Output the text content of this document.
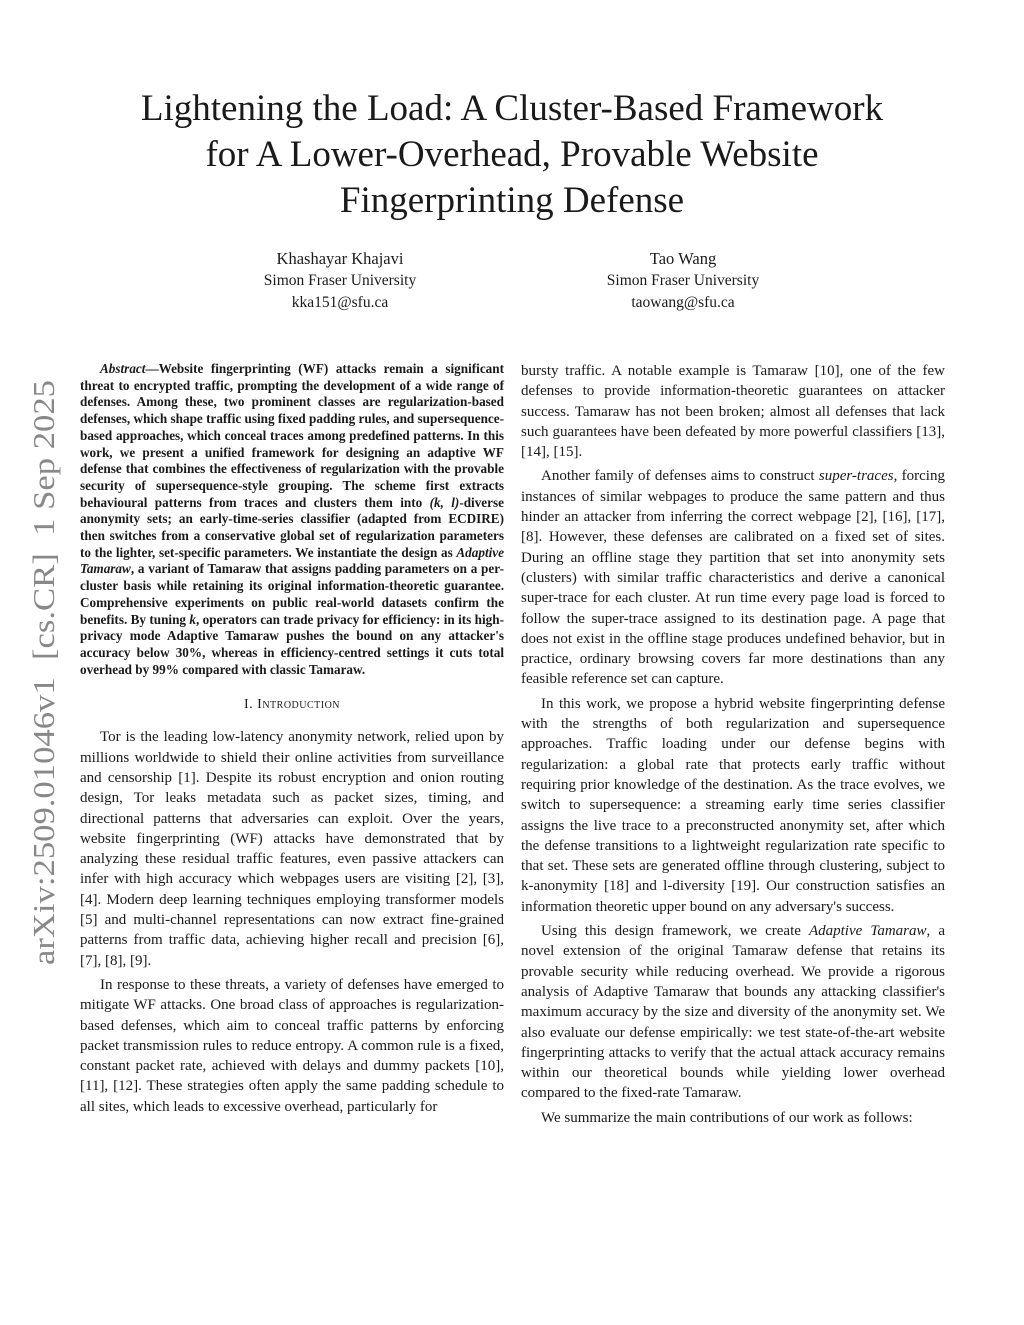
arXiv:2509.01046v1  [cs.CR]  1 Sep 2025
Lightening the Load: A Cluster-Based Framework
for A Lower-Overhead, Provable Website
Fingerprinting Defense
Khashayar Khajavi
Simon Fraser University
kka151@sfu.ca
Tao Wang
Simon Fraser University
taowang@sfu.ca

Abstract—Website fingerprinting (WF) attacks remain a significant threat to encrypted traffic, prompting the development of a wide range of defenses. Among these, two prominent classes are regularization-based defenses, which shape traffic using fixed padding rules, and supersequence-based approaches, which conceal traces among predefined patterns. In this work, we present a unified framework for designing an adaptive WF defense that combines the effectiveness of regularization with the provable security of supersequence-style grouping. The scheme first extracts behavioural patterns from traces and clusters them into (k, l)-diverse anonymity sets; an early-time-series classifier (adapted from ECDIRE) then switches from a conservative global set of regularization parameters to the lighter, set-specific parameters. We instantiate the design as Adaptive Tamaraw, a variant of Tamaraw that assigns padding parameters on a per-cluster basis while retaining its original information-theoretic guarantee. Comprehensive experiments on public real-world datasets confirm the benefits. By tuning k, operators can trade privacy for efficiency: in its high-privacy mode Adaptive Tamaraw pushes the bound on any attacker's accuracy below 30%, whereas in efficiency-centred settings it cuts total overhead by 99% compared with classic Tamaraw.

I. Introduction

Tor is the leading low-latency anonymity network, relied upon by millions worldwide to shield their online activities from surveillance and censorship [1]. Despite its robust encryption and onion routing design, Tor leaks metadata such as packet sizes, timing, and directional patterns that adversaries can exploit. Over the years, website fingerprinting (WF) attacks have demonstrated that by analyzing these residual traffic features, even passive attackers can infer with high accuracy which webpages users are visiting [2], [3], [4]. Modern deep learning techniques employing transformer models [5] and multi-channel representations can now extract fine-grained patterns from traffic data, achieving higher recall and precision [6], [7], [8], [9].

In response to these threats, a variety of defenses have emerged to mitigate WF attacks. One broad class of approaches is regularization-based defenses, which aim to conceal traffic patterns by enforcing packet transmission rules to reduce entropy. A common rule is a fixed, constant packet rate, achieved with delays and dummy packets [10], [11], [12]. These strategies often apply the same padding schedule to all sites, which leads to excessive overhead, particularly for

bursty traffic. A notable example is Tamaraw [10], one of the few defenses to provide information-theoretic guarantees on attacker success. Tamaraw has not been broken; almost all defenses that lack such guarantees have been defeated by more powerful classifiers [13], [14], [15].

Another family of defenses aims to construct super-traces, forcing instances of similar webpages to produce the same pattern and thus hinder an attacker from inferring the correct webpage [2], [16], [17], [8]. However, these defenses are calibrated on a fixed set of sites. During an offline stage they partition that set into anonymity sets (clusters) with similar traffic characteristics and derive a canonical super-trace for each cluster. At run time every page load is forced to follow the super-trace assigned to its destination page. A page that does not exist in the offline stage produces undefined behavior, but in practice, ordinary browsing covers far more destinations than any feasible reference set can capture.

In this work, we propose a hybrid website fingerprinting defense with the strengths of both regularization and supersequence approaches. Traffic loading under our defense begins with regularization: a global rate that protects early traffic without requiring prior knowledge of the destination. As the trace evolves, we switch to supersequence: a streaming early time series classifier assigns the live trace to a preconstructed anonymity set, after which the defense transitions to a lightweight regularization rate specific to that set. These sets are generated offline through clustering, subject to k-anonymity [18] and l-diversity [19]. Our construction satisfies an information theoretic upper bound on any adversary's success.

Using this design framework, we create Adaptive Tamaraw, a novel extension of the original Tamaraw defense that retains its provable security while reducing overhead. We provide a rigorous analysis of Adaptive Tamaraw that bounds any attacking classifier's maximum accuracy by the size and diversity of the anonymity set. We also evaluate our defense empirically: we test state-of-the-art website fingerprinting attacks to verify that the actual attack accuracy remains within our theoretical bounds while yielding lower overhead compared to the fixed-rate Tamaraw.

We summarize the main contributions of our work as follows:
